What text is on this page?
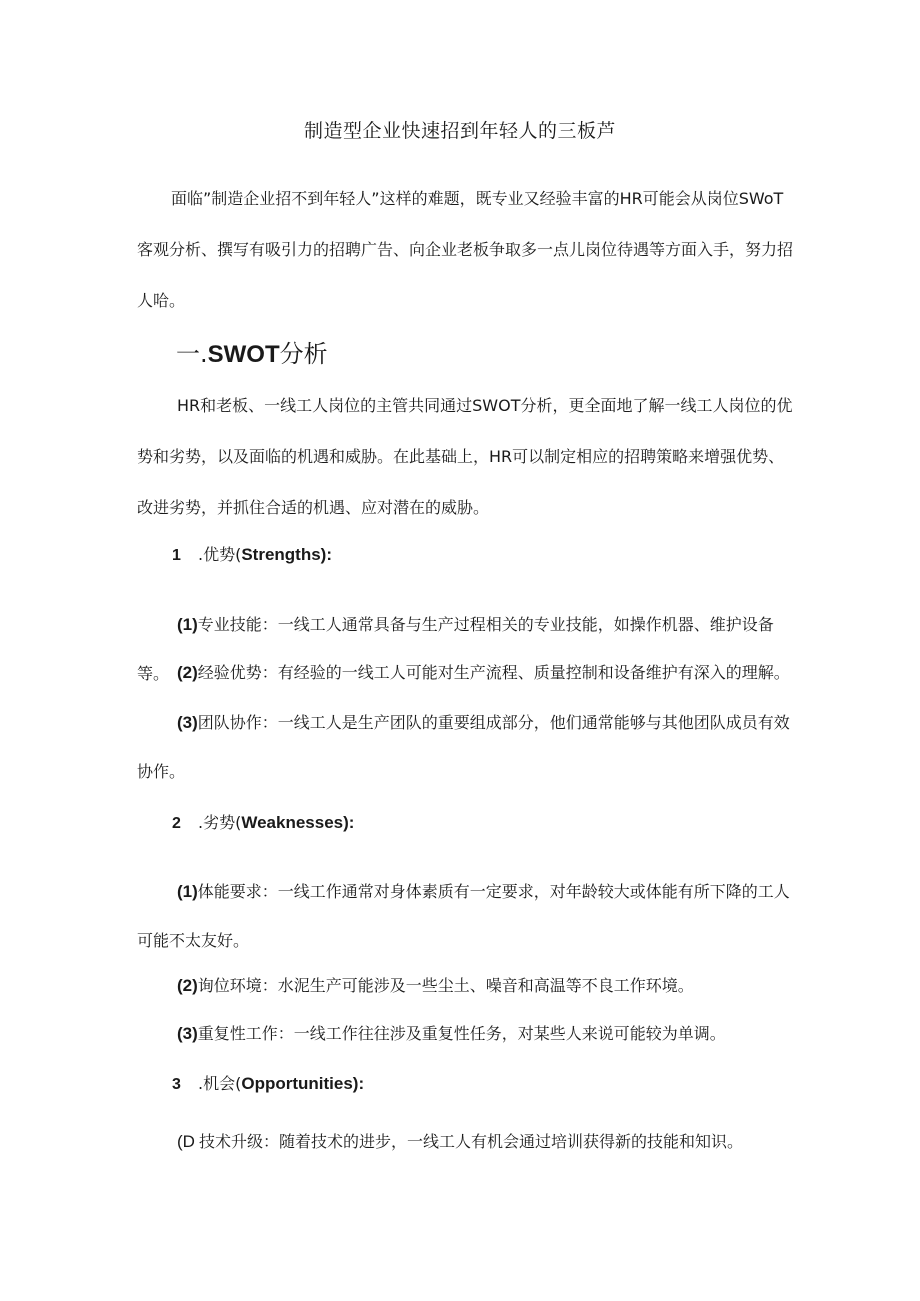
制造型企业快速招到年轻人的三板芦

面临”制造企业招不到年轻人”这样的难题，既专业又经验丰富的HR可能会从岗位SWoT客观分析、撰写有吸引力的招聘广告、向企业老板争取多一点儿岗位待遇等方面入手，努力招人哈。

一.SWOT分析

HR和老板、一线工人岗位的主管共同通过SWOT分析，更全面地了解一线工人岗位的优势和劣势，以及面临的机遇和威胁。在此基础上，HR可以制定相应的招聘策略来增强优势、改进劣势，并抓住合适的机遇、应对潜在的威胁。

1 .优势(Strengths):

(1)专业技能：一线工人通常具备与生产过程相关的专业技能，如操作机器、维护设备等。 (2)经验优势：有经验的一线工人可能对生产流程、质量控制和设备维护有深入的理解。

(3)团队协作：一线工人是生产团队的重要组成部分，他们通常能够与其他团队成员有效协作。

2 .劣势(Weaknesses):

(1)体能要求：一线工作通常对身体素质有一定要求，对年龄较大或体能有所下降的工人可能不太友好。

(2)询位环境：水泥生产可能涉及一些尘土、噪音和高温等不良工作环境。

(3)重复性工作：一线工作往往涉及重复性任务，对某些人来说可能较为单调。

3 .机会(Opportunities):

(D 技术升级：随着技术的进步，一线工人有机会通过培训获得新的技能和知识。
